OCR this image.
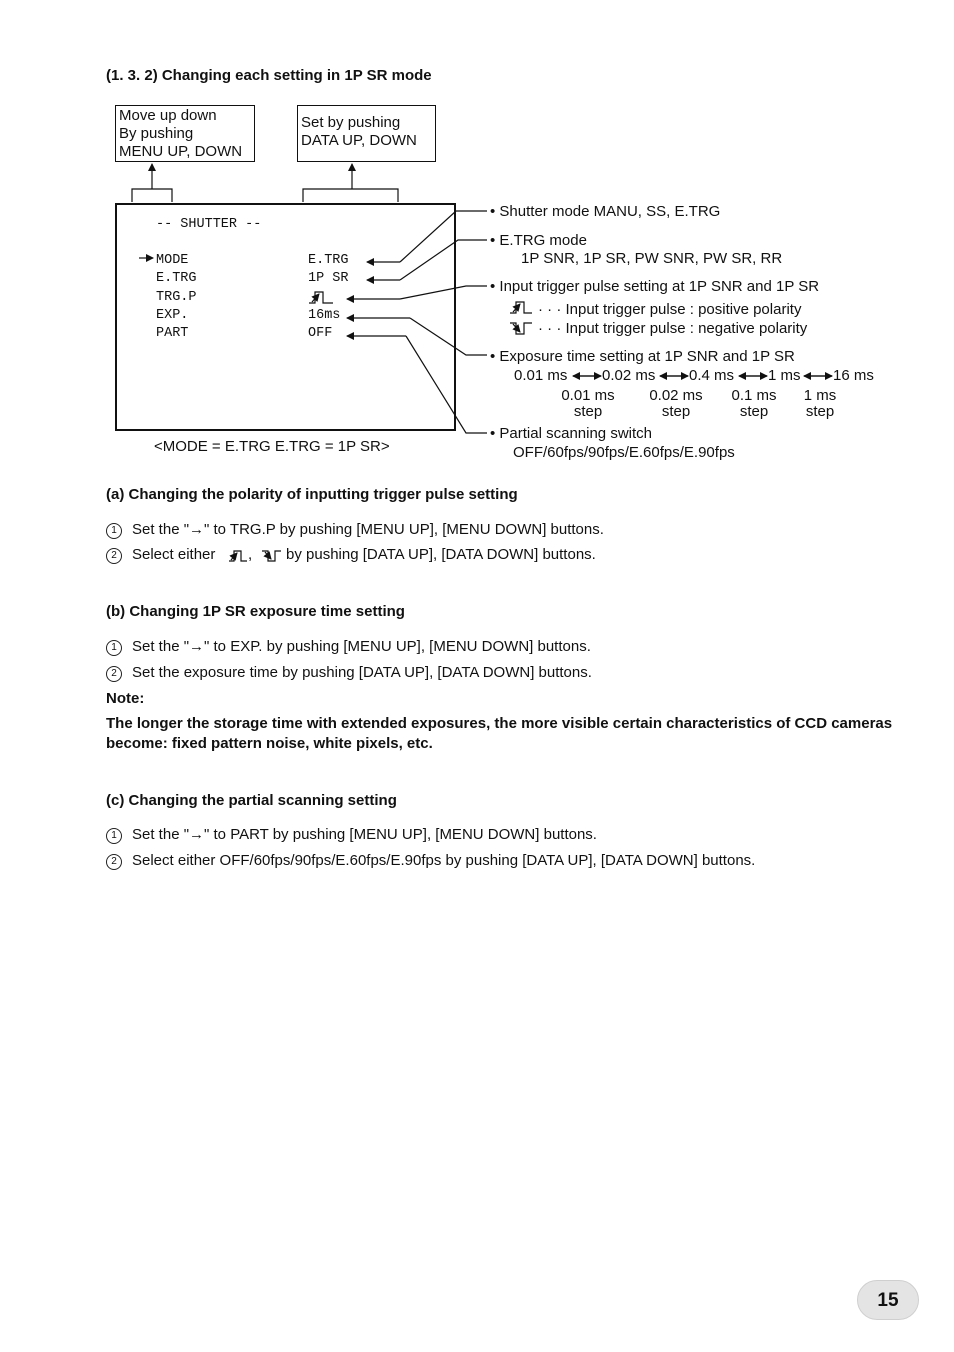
(1. 3. 2) Changing each setting in 1P SR mode
Move up down
By pushing
MENU UP, DOWN
Set by pushing
DATA UP, DOWN
-- SHUTTER --
MODE
E.TRG
TRG.P
EXP.
PART
E.TRG
1P SR
16ms
OFF
<MODE = E.TRG E.TRG = 1P SR>
• Shutter mode MANU, SS, E.TRG
• E.TRG mode
1P SNR, 1P SR, PW SNR, PW SR, RR
• Input trigger pulse setting at 1P SNR and 1P SR
· · · Input trigger pulse : positive polarity
· · · Input trigger pulse : negative polarity
• Exposure time setting at 1P SNR and 1P SR
0.01 ms 0.02 ms 0.4 ms 1 ms 16 ms
0.01 ms
step
0.02 ms
step
0.1 ms
step
1 ms
step
• Partial scanning switch
OFF/60fps/90fps/E.60fps/E.90fps
(a) Changing the polarity of inputting trigger pulse setting
1 Set the "→" to TRG.P by pushing [MENU UP], [MENU DOWN] buttons.
2 Select either , by pushing [DATA UP], [DATA DOWN] buttons.
(b) Changing 1P SR exposure time setting
1 Set the "→" to EXP. by pushing [MENU UP], [MENU DOWN] buttons.
2 Set the exposure time by pushing [DATA UP], [DATA DOWN] buttons.
Note:
The longer the storage time with extended exposures, the more visible certain characteristics of CCD cameras become: fixed pattern noise, white pixels, etc.
(c) Changing the partial scanning setting
1 Set the "→" to PART by pushing [MENU UP], [MENU DOWN] buttons.
2 Select either OFF/60fps/90fps/E.60fps/E.90fps by pushing [DATA UP], [DATA DOWN] buttons.
15
